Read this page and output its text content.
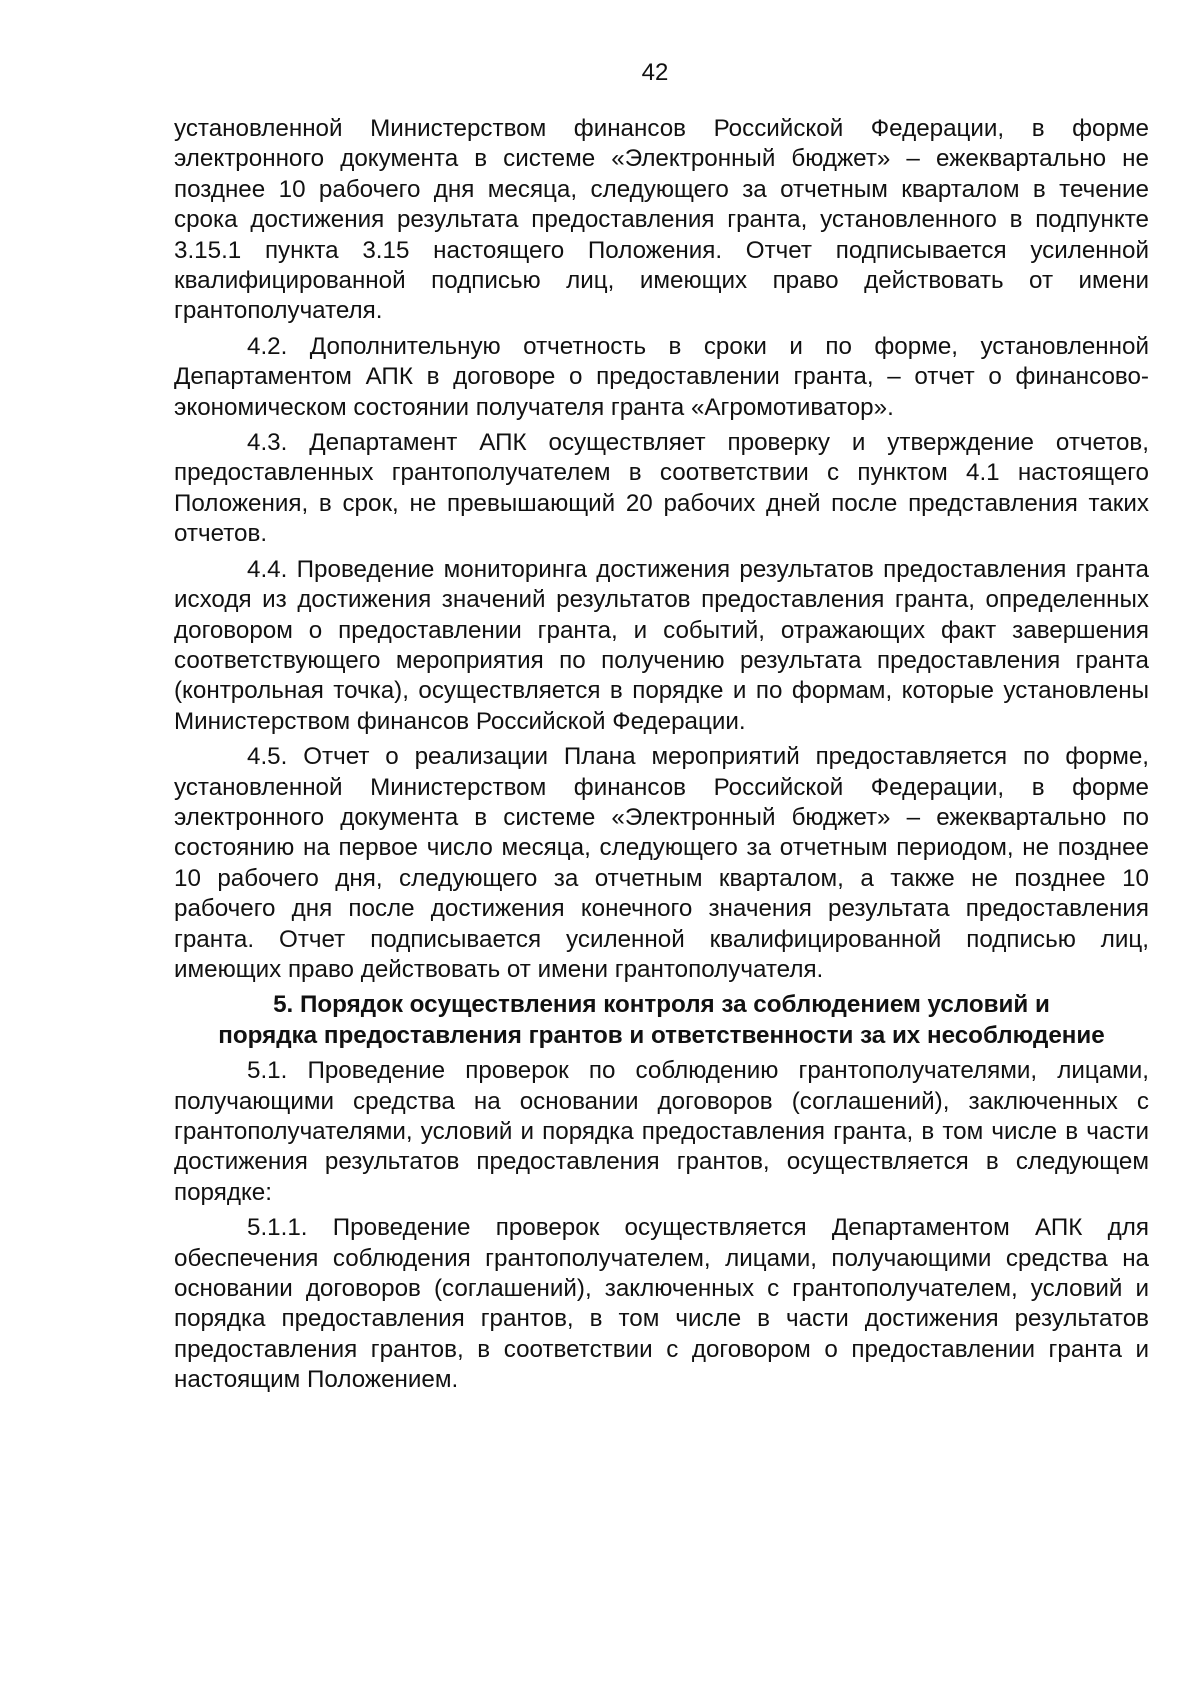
42

установленной Министерством финансов Российской Федерации, в форме электронного документа в системе «Электронный бюджет» – ежеквартально не позднее 10 рабочего дня месяца, следующего за отчетным кварталом в течение срока достижения результата предоставления гранта, установленного в подпункте 3.15.1 пункта 3.15 настоящего Положения. Отчет подписывается усиленной квалифицированной подписью лиц, имеющих право действовать от имени грантополучателя.

4.2. Дополнительную отчетность в сроки и по форме, установленной Департаментом АПК в договоре о предоставлении гранта, – отчет о финансово-экономическом состоянии получателя гранта «Агромотиватор».

4.3. Департамент АПК осуществляет проверку и утверждение отчетов, предоставленных грантополучателем в соответствии с пунктом 4.1 настоящего Положения, в срок, не превышающий 20 рабочих дней после представления таких отчетов.

4.4. Проведение мониторинга достижения результатов предоставления гранта исходя из достижения значений результатов предоставления гранта, определенных договором о предоставлении гранта, и событий, отражающих факт завершения соответствующего мероприятия по получению результата предоставления гранта (контрольная точка), осуществляется в порядке и по формам, которые установлены Министерством финансов Российской Федерации.

4.5. Отчет о реализации Плана мероприятий предоставляется по форме, установленной Министерством финансов Российской Федерации, в форме электронного документа в системе «Электронный бюджет» – ежеквартально по состоянию на первое число месяца, следующего за отчетным периодом, не позднее 10 рабочего дня, следующего за отчетным кварталом, а также не позднее 10 рабочего дня после достижения конечного значения результата предоставления гранта. Отчет подписывается усиленной квалифицированной подписью лиц, имеющих право действовать от имени грантополучателя.

5. Порядок осуществления контроля за соблюдением условий и
порядка предоставления грантов и ответственности за их несоблюдение

5.1. Проведение проверок по соблюдению грантополучателями, лицами, получающими средства на основании договоров (соглашений), заключенных с грантополучателями, условий и порядка предоставления гранта, в том числе в части достижения результатов предоставления грантов, осуществляется в следующем порядке:

5.1.1. Проведение проверок осуществляется Департаментом АПК для обеспечения соблюдения грантополучателем, лицами, получающими средства на основании договоров (соглашений), заключенных с грантополучателем, условий и порядка предоставления грантов, в том числе в части достижения результатов предоставления грантов, в соответствии с договором о предоставлении гранта и настоящим Положением.
